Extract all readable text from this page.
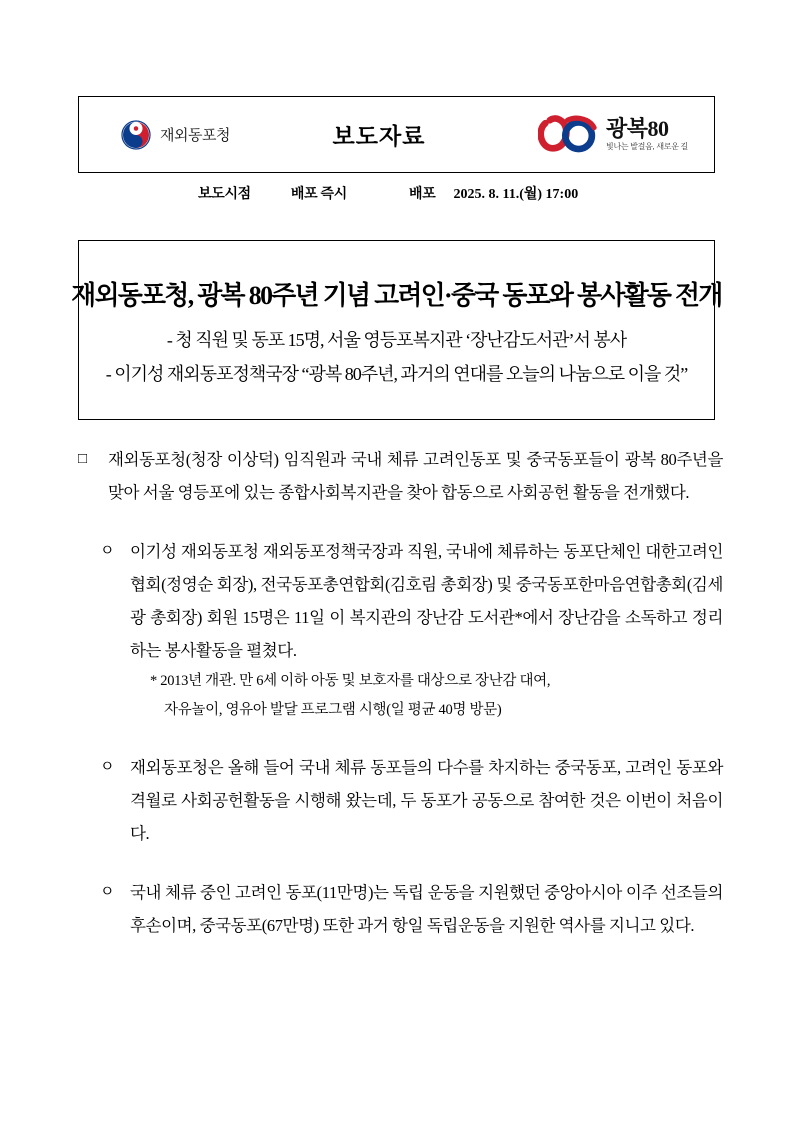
재외동포청	보도자료	광복80
빛나는 발걸음, 새로운 길
보도시점	배포 즉시	배포 2025. 8. 11.(월) 17:00
재외동포청, 광복 80주년 기념 고려인·중국 동포와 봉사활동 전개
- 청 직원 및 동포 15명, 서울 영등포복지관 ‘장난감도서관’서 봉사
- 이기성 재외동포정책국장 “광복 80주년, 과거의 연대를 오늘의 나눔으로 이을 것”
□	재외동포청(청장 이상덕) 임직원과 국내 체류 고려인동포 및 중국동포들이 광복 80주년을 맞아 서울 영등포에 있는 종합사회복지관을 찾아 합동으로 사회공헌 활동을 전개했다.
ㅇ 이기성 재외동포청 재외동포정책국장과 직원, 국내에 체류하는 동포단체인 대한고려인협회(정영순 회장), 전국동포총연합회(김호림 총회장) 및 중국동포한마음연합총회(김세광 총회장) 회원 15명은 11일 이 복지관의 장난감 도서관*에서 장난감을 소독하고 정리하는 봉사활동을 펼쳤다.
* 2013년 개관. 만 6세 이하 아동 및 보호자를 대상으로 장난감 대여,
자유놀이, 영유아 발달 프로그램 시행(일 평균 40명 방문)
ㅇ 재외동포청은 올해 들어 국내 체류 동포들의 다수를 차지하는 중국동포, 고려인 동포와 격월로 사회공헌활동을 시행해 왔는데, 두 동포가 공동으로 참여한 것은 이번이 처음이다.
ㅇ 국내 체류 중인 고려인 동포(11만명)는 독립 운동을 지원했던 중앙아시아 이주 선조들의 후손이며, 중국동포(67만명) 또한 과거 항일 독립운동을 지원한 역사를 지니고 있다.
